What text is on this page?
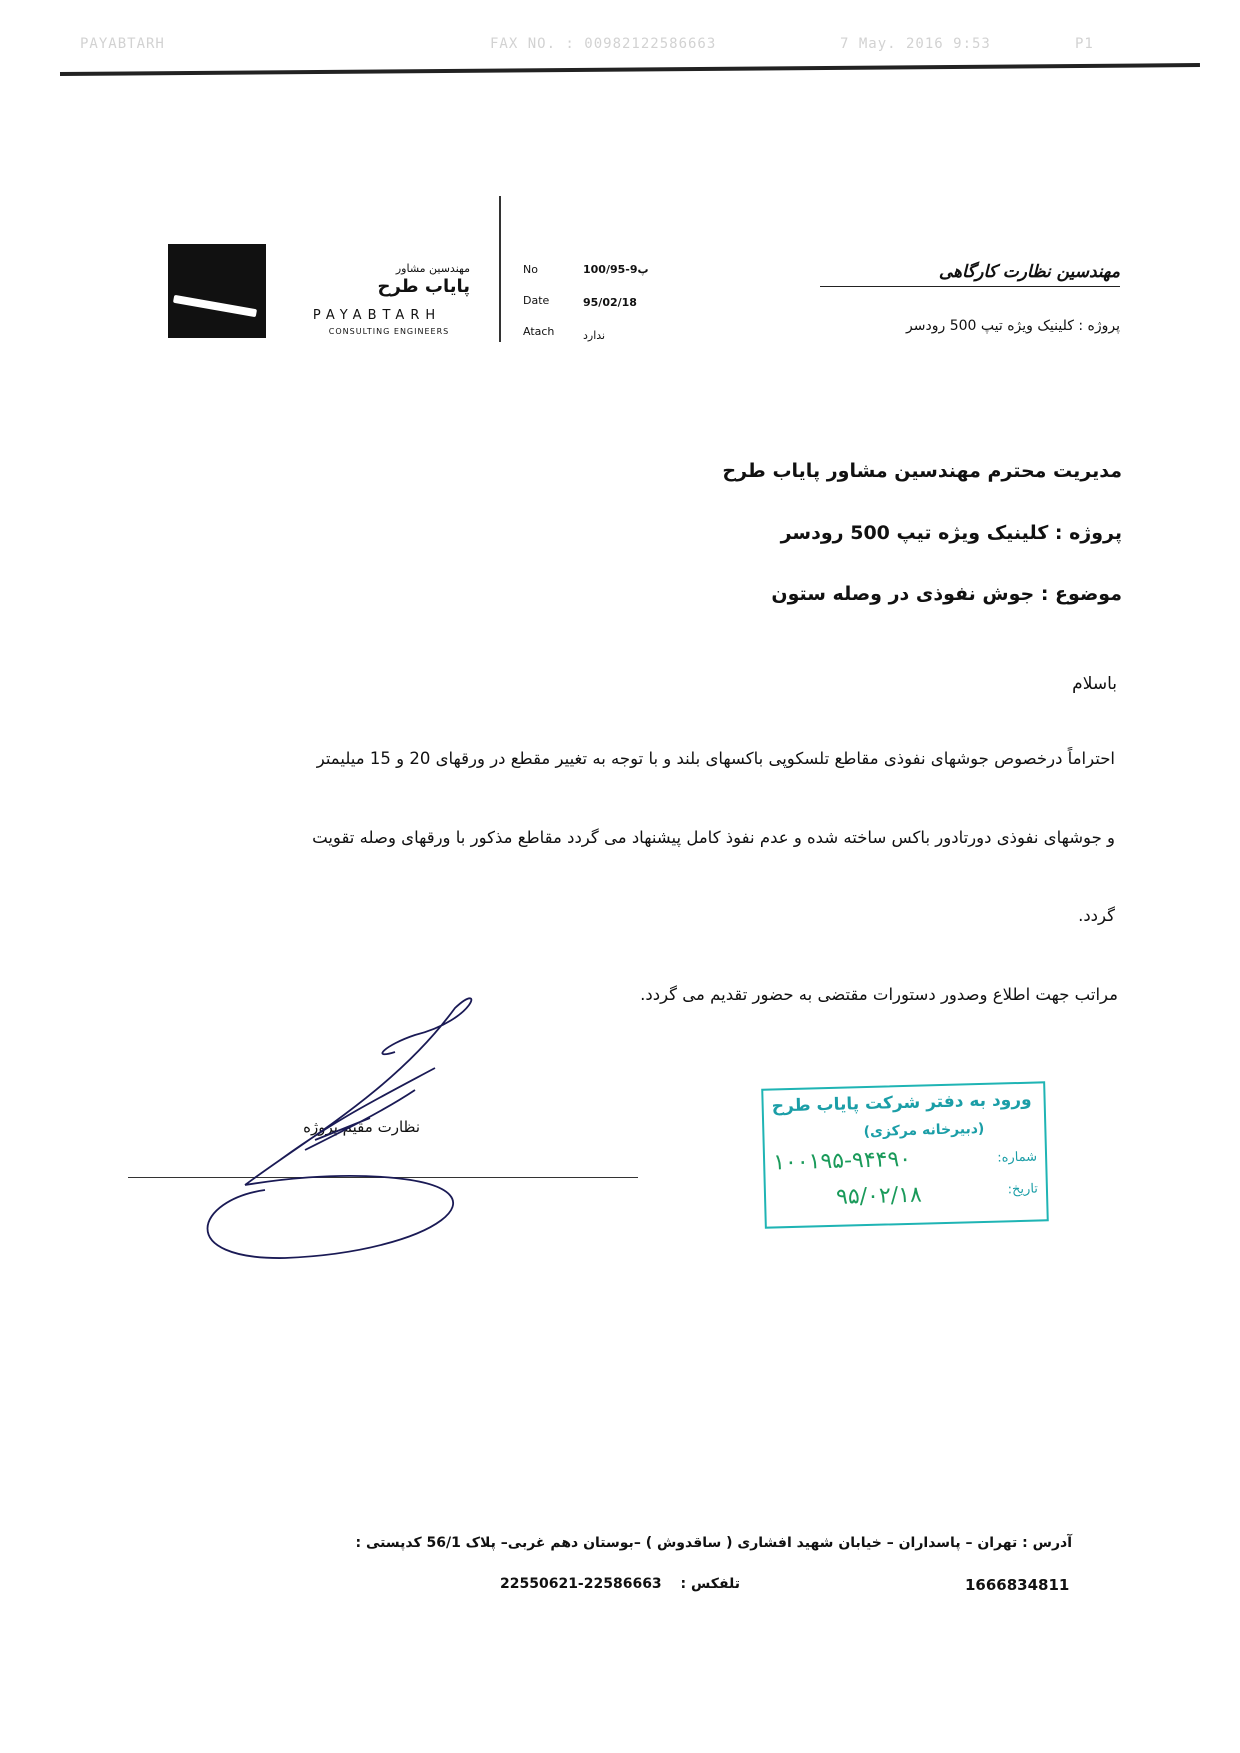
PAYABTARH	FAX NO. : 00982122586663	7 May. 2016 9:53	P1
مهندسین مشاور
پایاب طرح
PAYABTARH
CONSULTING ENGINEERS
No	100/95-پ9
Date	95/02/18
Atach	ندارد
مهندسین نظارت کارگاهی
پروژه : کلینیک ویژه تیپ 500 رودسر
مدیریت محترم مهندسین مشاور پایاب طرح
پروژه : کلینیک ویژه تیپ 500 رودسر
موضوع : جوش نفوذی در وصله ستون
باسلام
احتراماً درخصوص جوشهای نفوذی مقاطع تلسکوپی باکسهای بلند و با توجه به تغییر مقطع در ورقهای 20 و 15 میلیمتر
و جوشهای نفوذی دورتادور باکس ساخته شده و عدم نفوذ کامل پیشنهاد می گردد مقاطع مذکور با ورقهای وصله تقویت
گردد.
مراتب جهت اطلاع وصدور دستورات مقتضی به حضور تقدیم می گردد.
نظارت مقیم پروژه
ورود به دفتر شرکت پایاب طرح
(دبیرخانه مرکزی)
شماره:
۱۰۰۱۹۵-۹۴۴۹۰
تاریخ:
۹۵/۰۲/۱۸
آدرس : تهران – پاسداران – خیابان شهید افشاری ( ساقدوش ) –بوستان دهم غربی– پلاک 56/1 کدپستی :
1666834811
تلفکس :
22550621-22586663
